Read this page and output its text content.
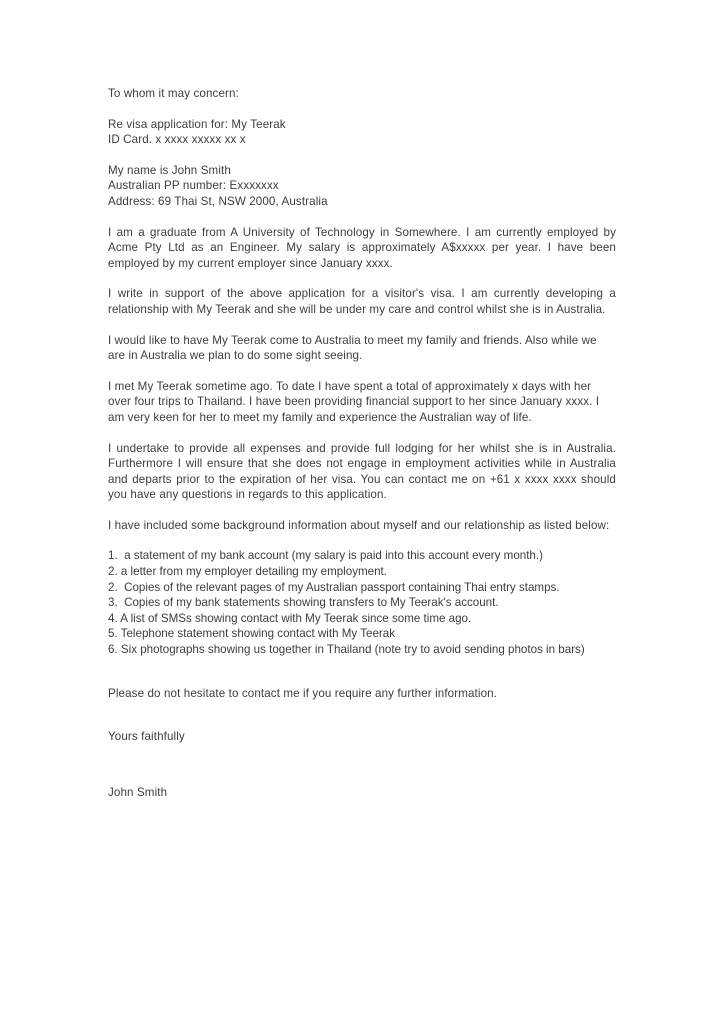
To whom it may concern:

Re visa application for: My Teerak
ID Card. x xxxx xxxxx xx x
My name is John Smith
Australian PP number: Exxxxxxx
Address: 69 Thai St, NSW 2000, Australia

I am a graduate from A University of Technology in Somewhere. I am currently employed by Acme Pty Ltd as an Engineer. My salary is approximately A$xxxxx per year. I have been employed by my current employer since January xxxx.

I write in support of the above application for a visitor's visa. I am currently developing a relationship with My Teerak and she will be under my care and control whilst she is in Australia.

I would like to have My Teerak come to Australia to meet my family and friends. Also while we are in Australia we plan to do some sight seeing.

I met My Teerak sometime ago. To date I have spent a total of approximately x days with her over four trips to Thailand. I have been providing financial support to her since January xxxx. I am very keen for her to meet my family and experience the Australian way of life.

I undertake to provide all expenses and provide full lodging for her whilst she is in Australia. Furthermore I will ensure that she does not engage in employment activities while in Australia and departs prior to the expiration of her visa. You can contact me on +61 x xxxx xxxx should you have any questions in regards to this application.

I have included some background information about myself and our relationship as listed below:

1.  a statement of my bank account (my salary is paid into this account every month.)
2. a letter from my employer detailing my employment.
2.  Copies of the relevant pages of my Australian passport containing Thai entry stamps.
3.  Copies of my bank statements showing transfers to My Teerak's account.
4. A list of SMSs showing contact with My Teerak since some time ago.
5. Telephone statement showing contact with My Teerak
6. Six photographs showing us together in Thailand (note try to avoid sending photos in bars)

Please do not hesitate to contact me if you require any further information.

Yours faithfully

John Smith
